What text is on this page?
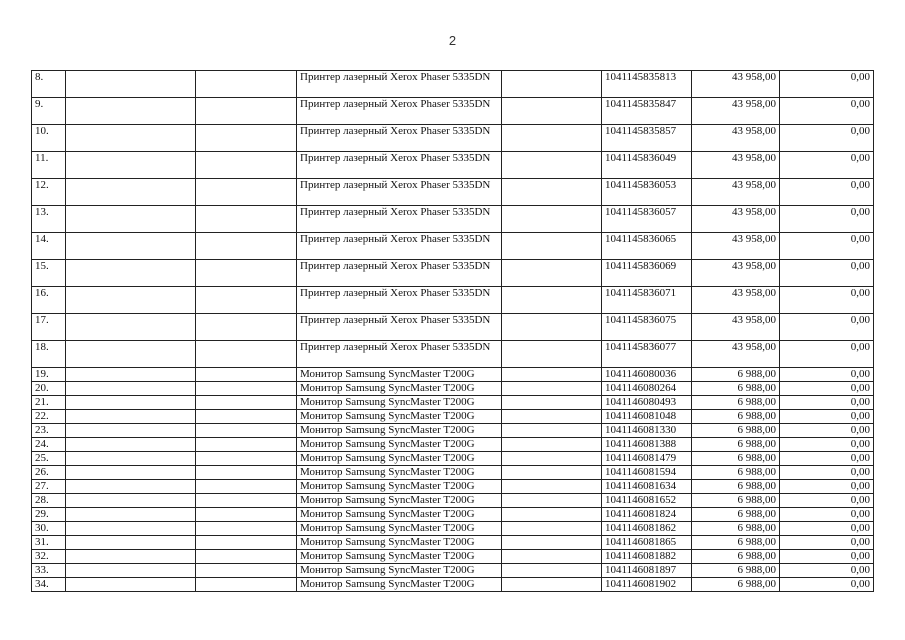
2
8.			Принтер лазерный Xerox Phaser 5335DN		1041145835813	43 958,00	0,00
9.			Принтер лазерный Xerox Phaser 5335DN		1041145835847	43 958,00	0,00
10.			Принтер лазерный Xerox Phaser 5335DN		1041145835857	43 958,00	0,00
11.			Принтер лазерный Xerox Phaser 5335DN		1041145836049	43 958,00	0,00
12.			Принтер лазерный Xerox Phaser 5335DN		1041145836053	43 958,00	0,00
13.			Принтер лазерный Xerox Phaser 5335DN		1041145836057	43 958,00	0,00
14.			Принтер лазерный Xerox Phaser 5335DN		1041145836065	43 958,00	0,00
15.			Принтер лазерный Xerox Phaser 5335DN		1041145836069	43 958,00	0,00
16.			Принтер лазерный Xerox Phaser 5335DN		1041145836071	43 958,00	0,00
17.			Принтер лазерный Xerox Phaser 5335DN		1041145836075	43 958,00	0,00
18.			Принтер лазерный Xerox Phaser 5335DN		1041145836077	43 958,00	0,00
19.			Монитор Samsung SyncMaster T200G		1041146080036	6 988,00	0,00
20.			Монитор Samsung SyncMaster T200G		1041146080264	6 988,00	0,00
21.			Монитор Samsung SyncMaster T200G		1041146080493	6 988,00	0,00
22.			Монитор Samsung SyncMaster T200G		1041146081048	6 988,00	0,00
23.			Монитор Samsung SyncMaster T200G		1041146081330	6 988,00	0,00
24.			Монитор Samsung SyncMaster T200G		1041146081388	6 988,00	0,00
25.			Монитор Samsung SyncMaster T200G		1041146081479	6 988,00	0,00
26.			Монитор Samsung SyncMaster T200G		1041146081594	6 988,00	0,00
27.			Монитор Samsung SyncMaster T200G		1041146081634	6 988,00	0,00
28.			Монитор Samsung SyncMaster T200G		1041146081652	6 988,00	0,00
29.			Монитор Samsung SyncMaster T200G		1041146081824	6 988,00	0,00
30.			Монитор Samsung SyncMaster T200G		1041146081862	6 988,00	0,00
31.			Монитор Samsung SyncMaster T200G		1041146081865	6 988,00	0,00
32.			Монитор Samsung SyncMaster T200G		1041146081882	6 988,00	0,00
33.			Монитор Samsung SyncMaster T200G		1041146081897	6 988,00	0,00
34.			Монитор Samsung SyncMaster T200G		1041146081902	6 988,00	0,00
